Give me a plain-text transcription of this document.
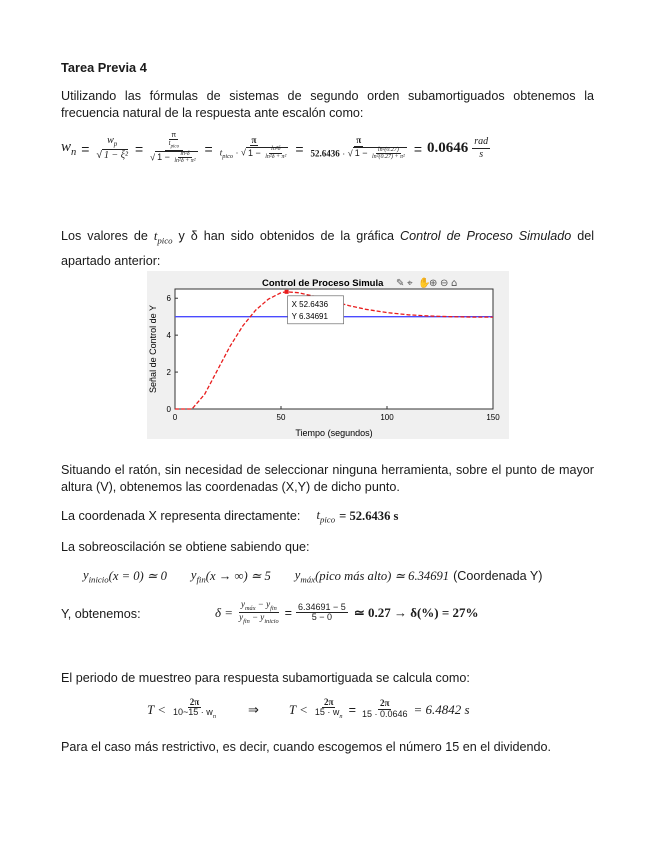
Tarea Previa 4
Utilizando las fórmulas de sistemas de segundo orden subamortiguados obtenemos la frecuencia natural de la respuesta ante escalón como:
$w_n = \frac{w_p}{\text{√ 1 − ξ²}} = \frac{\frac{\pi}{t_{pico}}}{√ 1 - \frac{\text{ln²δ}}{\text{ln²δ + π²}}} = \frac{\pi}{t_{pico} \cdot √ 1 - \frac{\text{ln²δ}}{\text{ln²δ + π²}}} = \frac{\pi}{52.6436 \cdot √ 1 - \frac{\text{ln²(0.27)}}{\text{ln²(0.27) + π²}}} = 0.0646 \frac{\text{rad}}{s}$
Los valores de $t_{pico}$ y δ han sido obtenidos de la gráfica Control de Proceso Simulado del apartado anterior:
Control de Proceso Simula ✎ ⌖ ✋
⊕ ⊖ ⌂
0	50	100	150
0
2
4
6
X 52.6436
Y 6.34691
Tiempo (segundos)
Señal de Control de Y
Situando el ratón, sin necesidad de seleccionar ninguna herramienta, sobre el punto de mayor altura (V), obtenemos las coordenadas (X,Y) de dicho punto.
La coordenada X representa directamente: $t_{pico} = 52.6436$ s
La sobreoscilación se obtiene sabiendo que:
$y_{inicio}$ (x = 0) ≃ 0 $y_{fin}$ (x → ∞) ≃ 5 $y_{máx}$ (pico más alto) ≃ 6.34691 (Coordenada Y)
Y, obtenemos:	$\delta = \frac{y_{máx} - y_{fin}}{y_{fin} - y_{inicio}} = \frac{6.34691 - 5}{5 - 0}$ ≃ 0.27 → δ(%) = 27%
El periodo de muestreo para respuesta subamortiguada se calcula como:
$T < \frac{2\pi}{10\sim 15 \cdot w_n}$ ⇒ $T < \frac{2\pi}{15 \cdot w_n} = \frac{2\pi}{15 \cdot 0.0646} = 6.4842$ s
Para el caso más restrictivo, es decir, cuando escogemos el número 15 en el dividendo.
